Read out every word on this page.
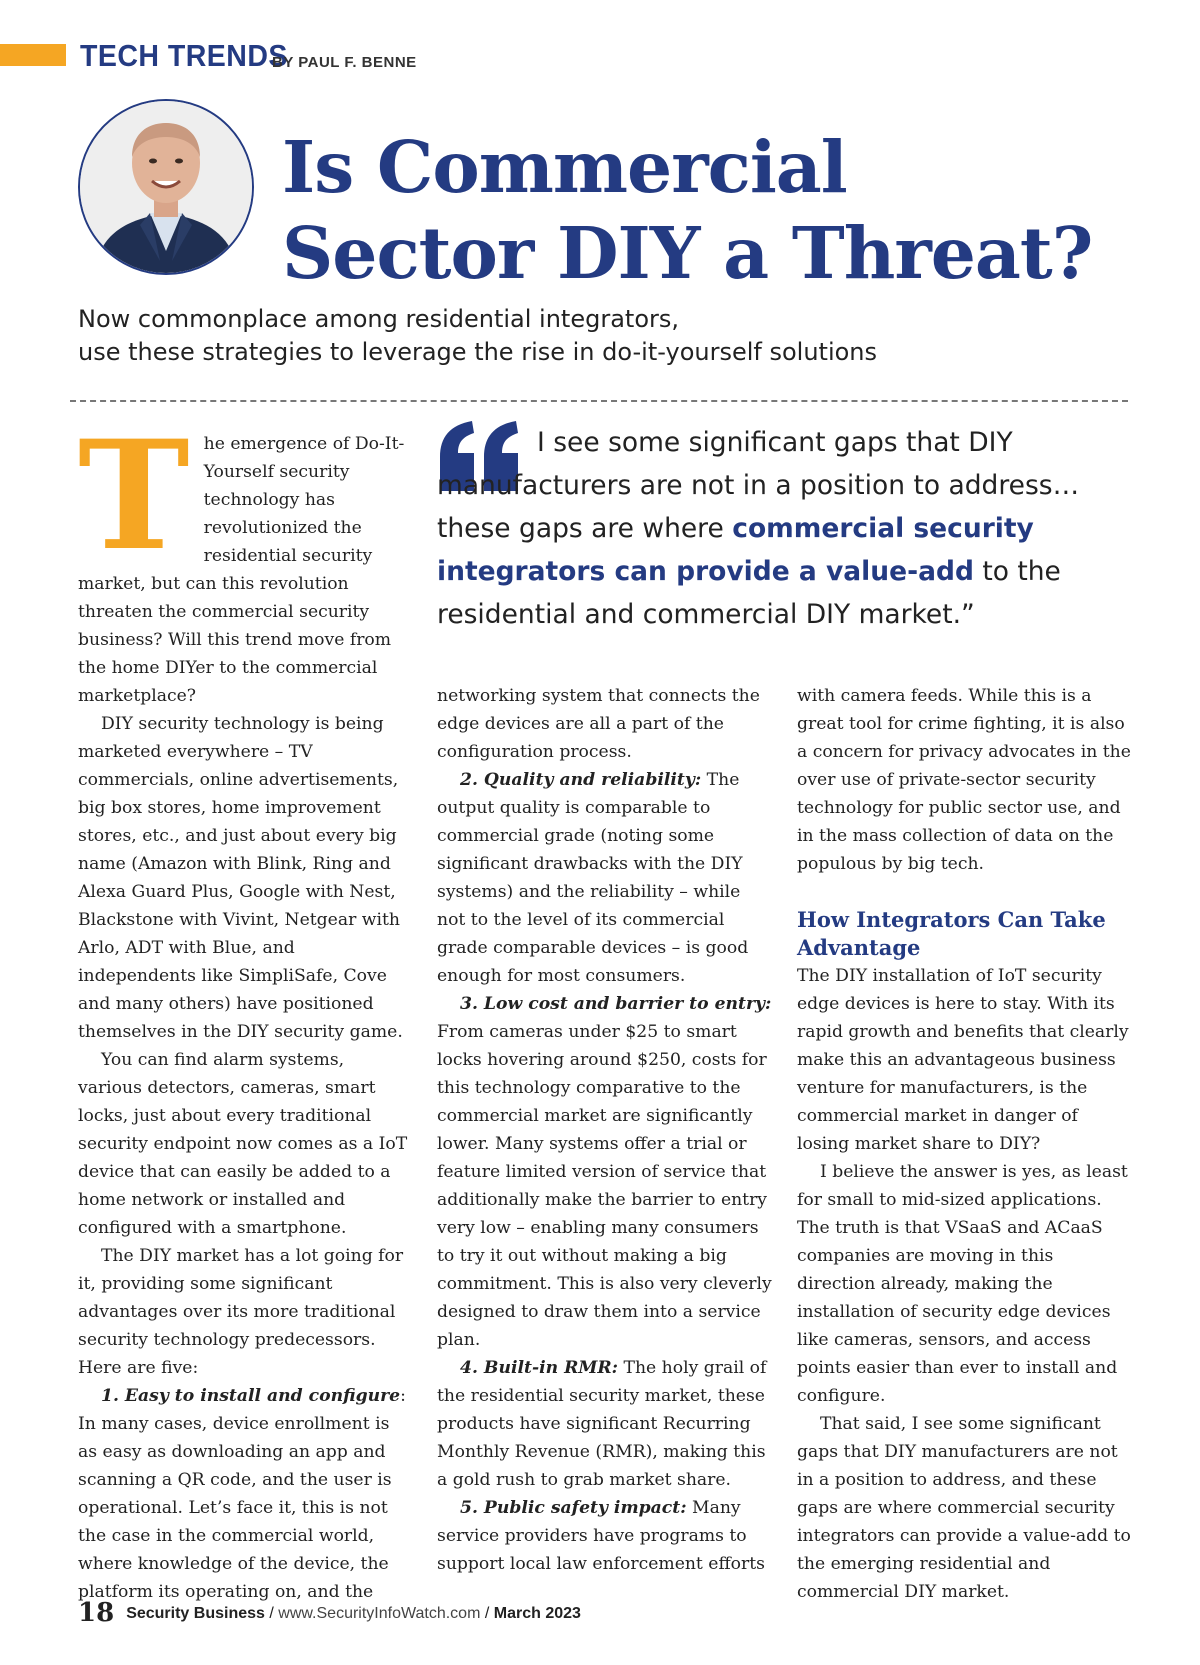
TECH TRENDS
BY PAUL F. BENNE
Is Commercial
Sector DIY a Threat?
Now commonplace among residential integrators,
use these strategies to leverage the rise in do-it-yourself solutions
I see some significant gaps that DIY manufacturers are not in a position to address…these gaps are where commercial security integrators can provide a value-add to the residential and commercial DIY market.”

The emergence of Do-It-Yourself security technology has revolutionized the residential security market, but can this revolution threaten the commercial security business? Will this trend move from the home DIYer to the commercial marketplace?

DIY security technology is being marketed everywhere – TV commercials, online advertisements, big box stores, home improvement stores, etc., and just about every big name (Amazon with Blink, Ring and Alexa Guard Plus, Google with Nest, Blackstone with Vivint, Netgear with Arlo, ADT with Blue, and independents like SimpliSafe, Cove and many others) have positioned themselves in the DIY security game.

You can find alarm systems, various detectors, cameras, smart locks, just about every traditional security endpoint now comes as a IoT device that can easily be added to a home network or installed and configured with a smartphone.

The DIY market has a lot going for it, providing some significant advantages over its more traditional security technology predecessors. Here are five:

1. Easy to install and configure: In many cases, device enrollment is as easy as downloading an app and scanning a QR code, and the user is operational. Let’s face it, this is not the case in the commercial world, where knowledge of the device, the platform its operating on, and the

networking system that connects the edge devices are all a part of the configuration process.

2. Quality and reliability: The output quality is comparable to commercial grade (noting some significant drawbacks with the DIY systems) and the reliability – while not to the level of its commercial grade comparable devices – is good enough for most consumers.

3. Low cost and barrier to entry: From cameras under $25 to smart locks hovering around $250, costs for this technology comparative to the commercial market are significantly lower. Many systems offer a trial or feature limited version of service that additionally make the barrier to entry very low – enabling many consumers to try it out without making a big commitment. This is also very cleverly designed to draw them into a service plan.

4. Built-in RMR: The holy grail of the residential security market, these products have significant Recurring Monthly Revenue (RMR), making this a gold rush to grab market share.

5. Public safety impact: Many service providers have programs to support local law enforcement efforts

with camera feeds. While this is a great tool for crime fighting, it is also a concern for privacy advocates in the over use of private-sector security technology for public sector use, and in the mass collection of data on the populous by big tech.

How Integrators Can Take Advantage

The DIY installation of IoT security edge devices is here to stay. With its rapid growth and benefits that clearly make this an advantageous business venture for manufacturers, is the commercial market in danger of losing market share to DIY?

I believe the answer is yes, as least for small to mid-sized applications. The truth is that VSaaS and ACaaS companies are moving in this direction already, making the installation of security edge devices like cameras, sensors, and access points easier than ever to install and configure.

That said, I see some significant gaps that DIY manufacturers are not in a position to address, and these gaps are where commercial security integrators can provide a value-add to the emerging residential and commercial DIY market.

18 Security Business / www.SecurityInfoWatch.com / March 2023
